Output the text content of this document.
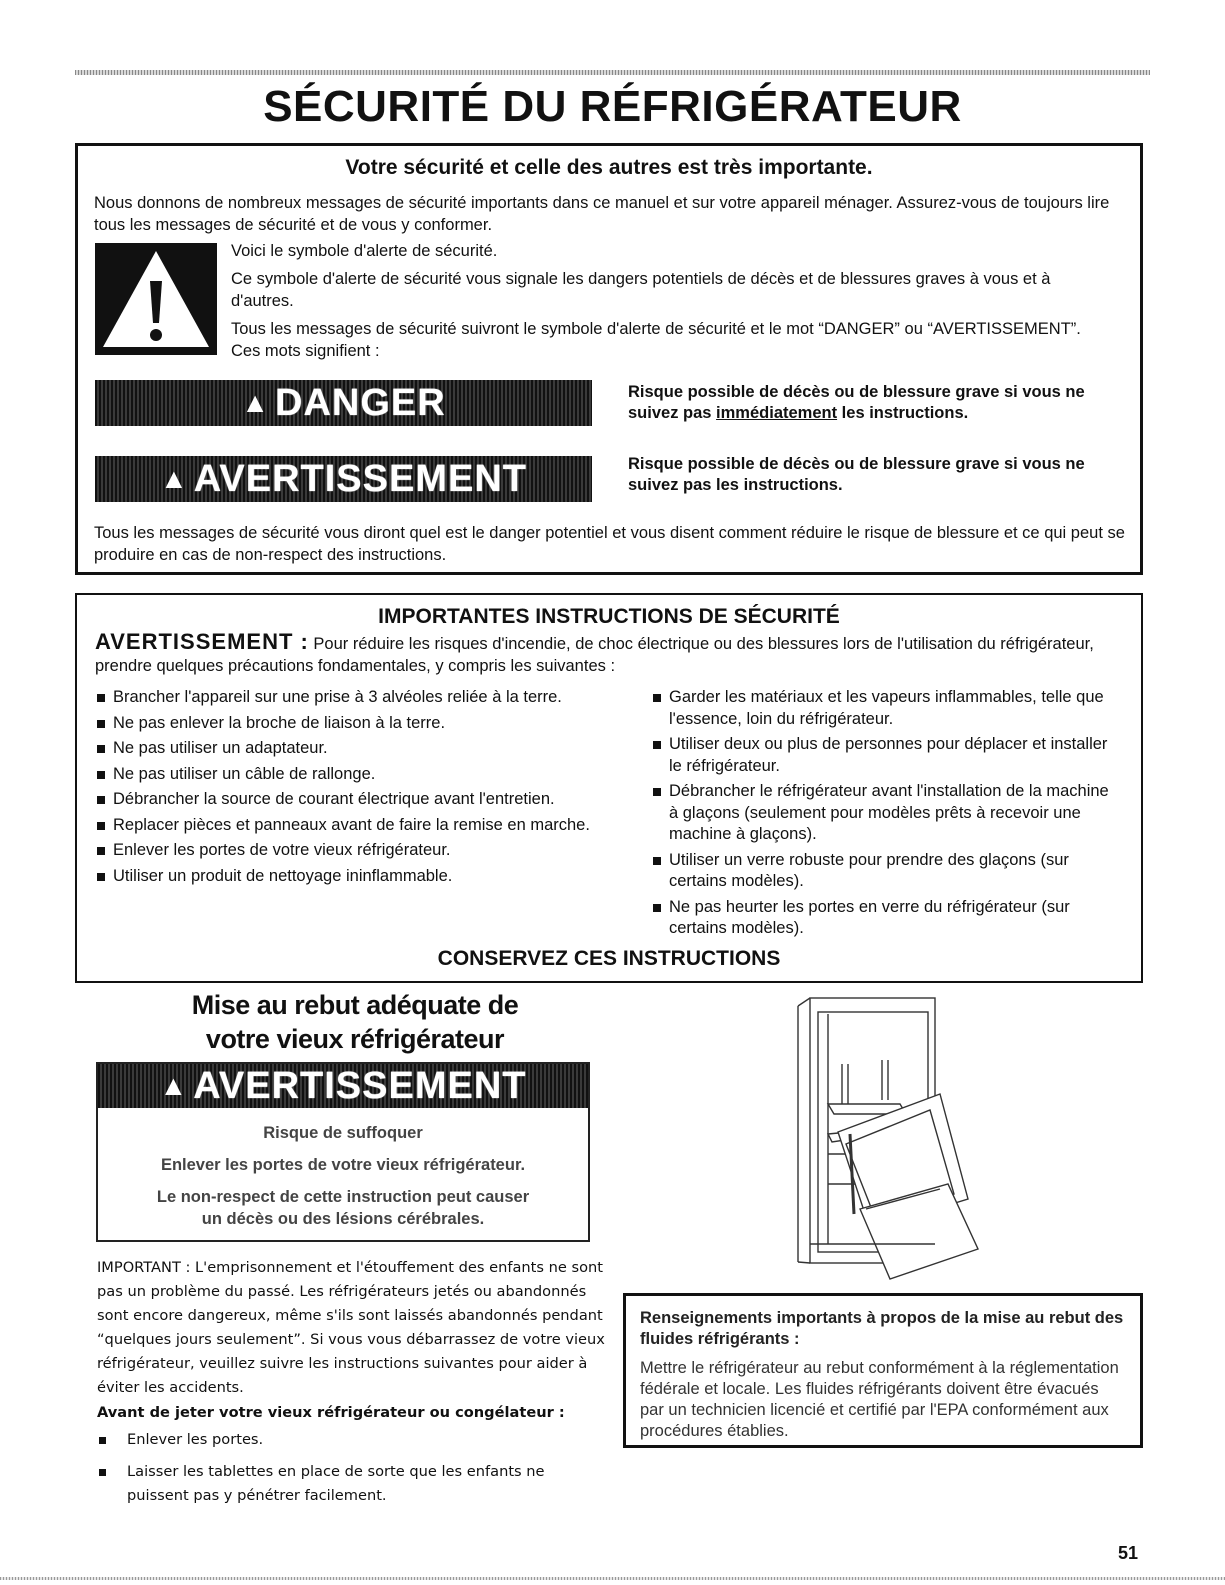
SÉCURITÉ DU RÉFRIGÉRATEUR
Votre sécurité et celle des autres est très importante.

Nous donnons de nombreux messages de sécurité importants dans ce manuel et sur votre appareil ménager. Assurez-vous de toujours lire tous les messages de sécurité et de vous y conformer.

Voici le symbole d'alerte de sécurité.

Ce symbole d'alerte de sécurité vous signale les dangers potentiels de décès et de blessures graves à vous et à d'autres.

Tous les messages de sécurité suivront le symbole d'alerte de sécurité et le mot “DANGER” ou “AVERTISSEMENT”. Ces mots signifient :

▲ DANGER	Risque possible de décès ou de blessure grave si vous ne suivez pas immédiatement les instructions.
▲ AVERTISSEMENT	Risque possible de décès ou de blessure grave si vous ne suivez pas les instructions.

Tous les messages de sécurité vous diront quel est le danger potentiel et vous disent comment réduire le risque de blessure et ce qui peut se produire en cas de non-respect des instructions.

IMPORTANTES INSTRUCTIONS DE SÉCURITÉ
AVERTISSEMENT : Pour réduire les risques d'incendie, de choc électrique ou des blessures lors de l'utilisation du réfrigérateur, prendre quelques précautions fondamentales, y compris les suivantes :
Brancher l'appareil sur une prise à 3 alvéoles reliée à la terre.
Ne pas enlever la broche de liaison à la terre.
Ne pas utiliser un adaptateur.
Ne pas utiliser un câble de rallonge.
Débrancher la source de courant électrique avant l'entretien.
Replacer pièces et panneaux avant de faire la remise en marche.
Enlever les portes de votre vieux réfrigérateur.
Utiliser un produit de nettoyage ininflammable.
Garder les matériaux et les vapeurs inflammables, telle que l'essence, loin du réfrigérateur.
Utiliser deux ou plus de personnes pour déplacer et installer le réfrigérateur.
Débrancher le réfrigérateur avant l'installation de la machine à glaçons (seulement pour modèles prêts à recevoir une machine à glaçons).
Utiliser un verre robuste pour prendre des glaçons (sur certains modèles).
Ne pas heurter les portes en verre du réfrigérateur (sur certains modèles).
CONSERVEZ CES INSTRUCTIONS
Mise au rebut adéquate de
votre vieux réfrigérateur
▲ AVERTISSEMENT
Risque de suffoquer
Enlever les portes de votre vieux réfrigérateur.
Le non-respect de cette instruction peut causer
un décès ou des lésions cérébrales.

IMPORTANT : L'emprisonnement et l'étouffement des enfants ne sont pas un problème du passé. Les réfrigérateurs jetés ou abandonnés sont encore dangereux, même s'ils sont laissés abandonnés pendant “quelques jours seulement”. Si vous vous débarrassez de votre vieux réfrigérateur, veuillez suivre les instructions suivantes pour aider à éviter les accidents.

Avant de jeter votre vieux réfrigérateur ou congélateur :
Enlever les portes.
Laisser les tablettes en place de sorte que les enfants ne puissent pas y pénétrer facilement.
Renseignements importants à propos de la mise au rebut des fluides réfrigérants :
Mettre le réfrigérateur au rebut conformément à la réglementation fédérale et locale. Les fluides réfrigérants doivent être évacués par un technicien licencié et certifié par l'EPA conformément aux procédures établies.
51
